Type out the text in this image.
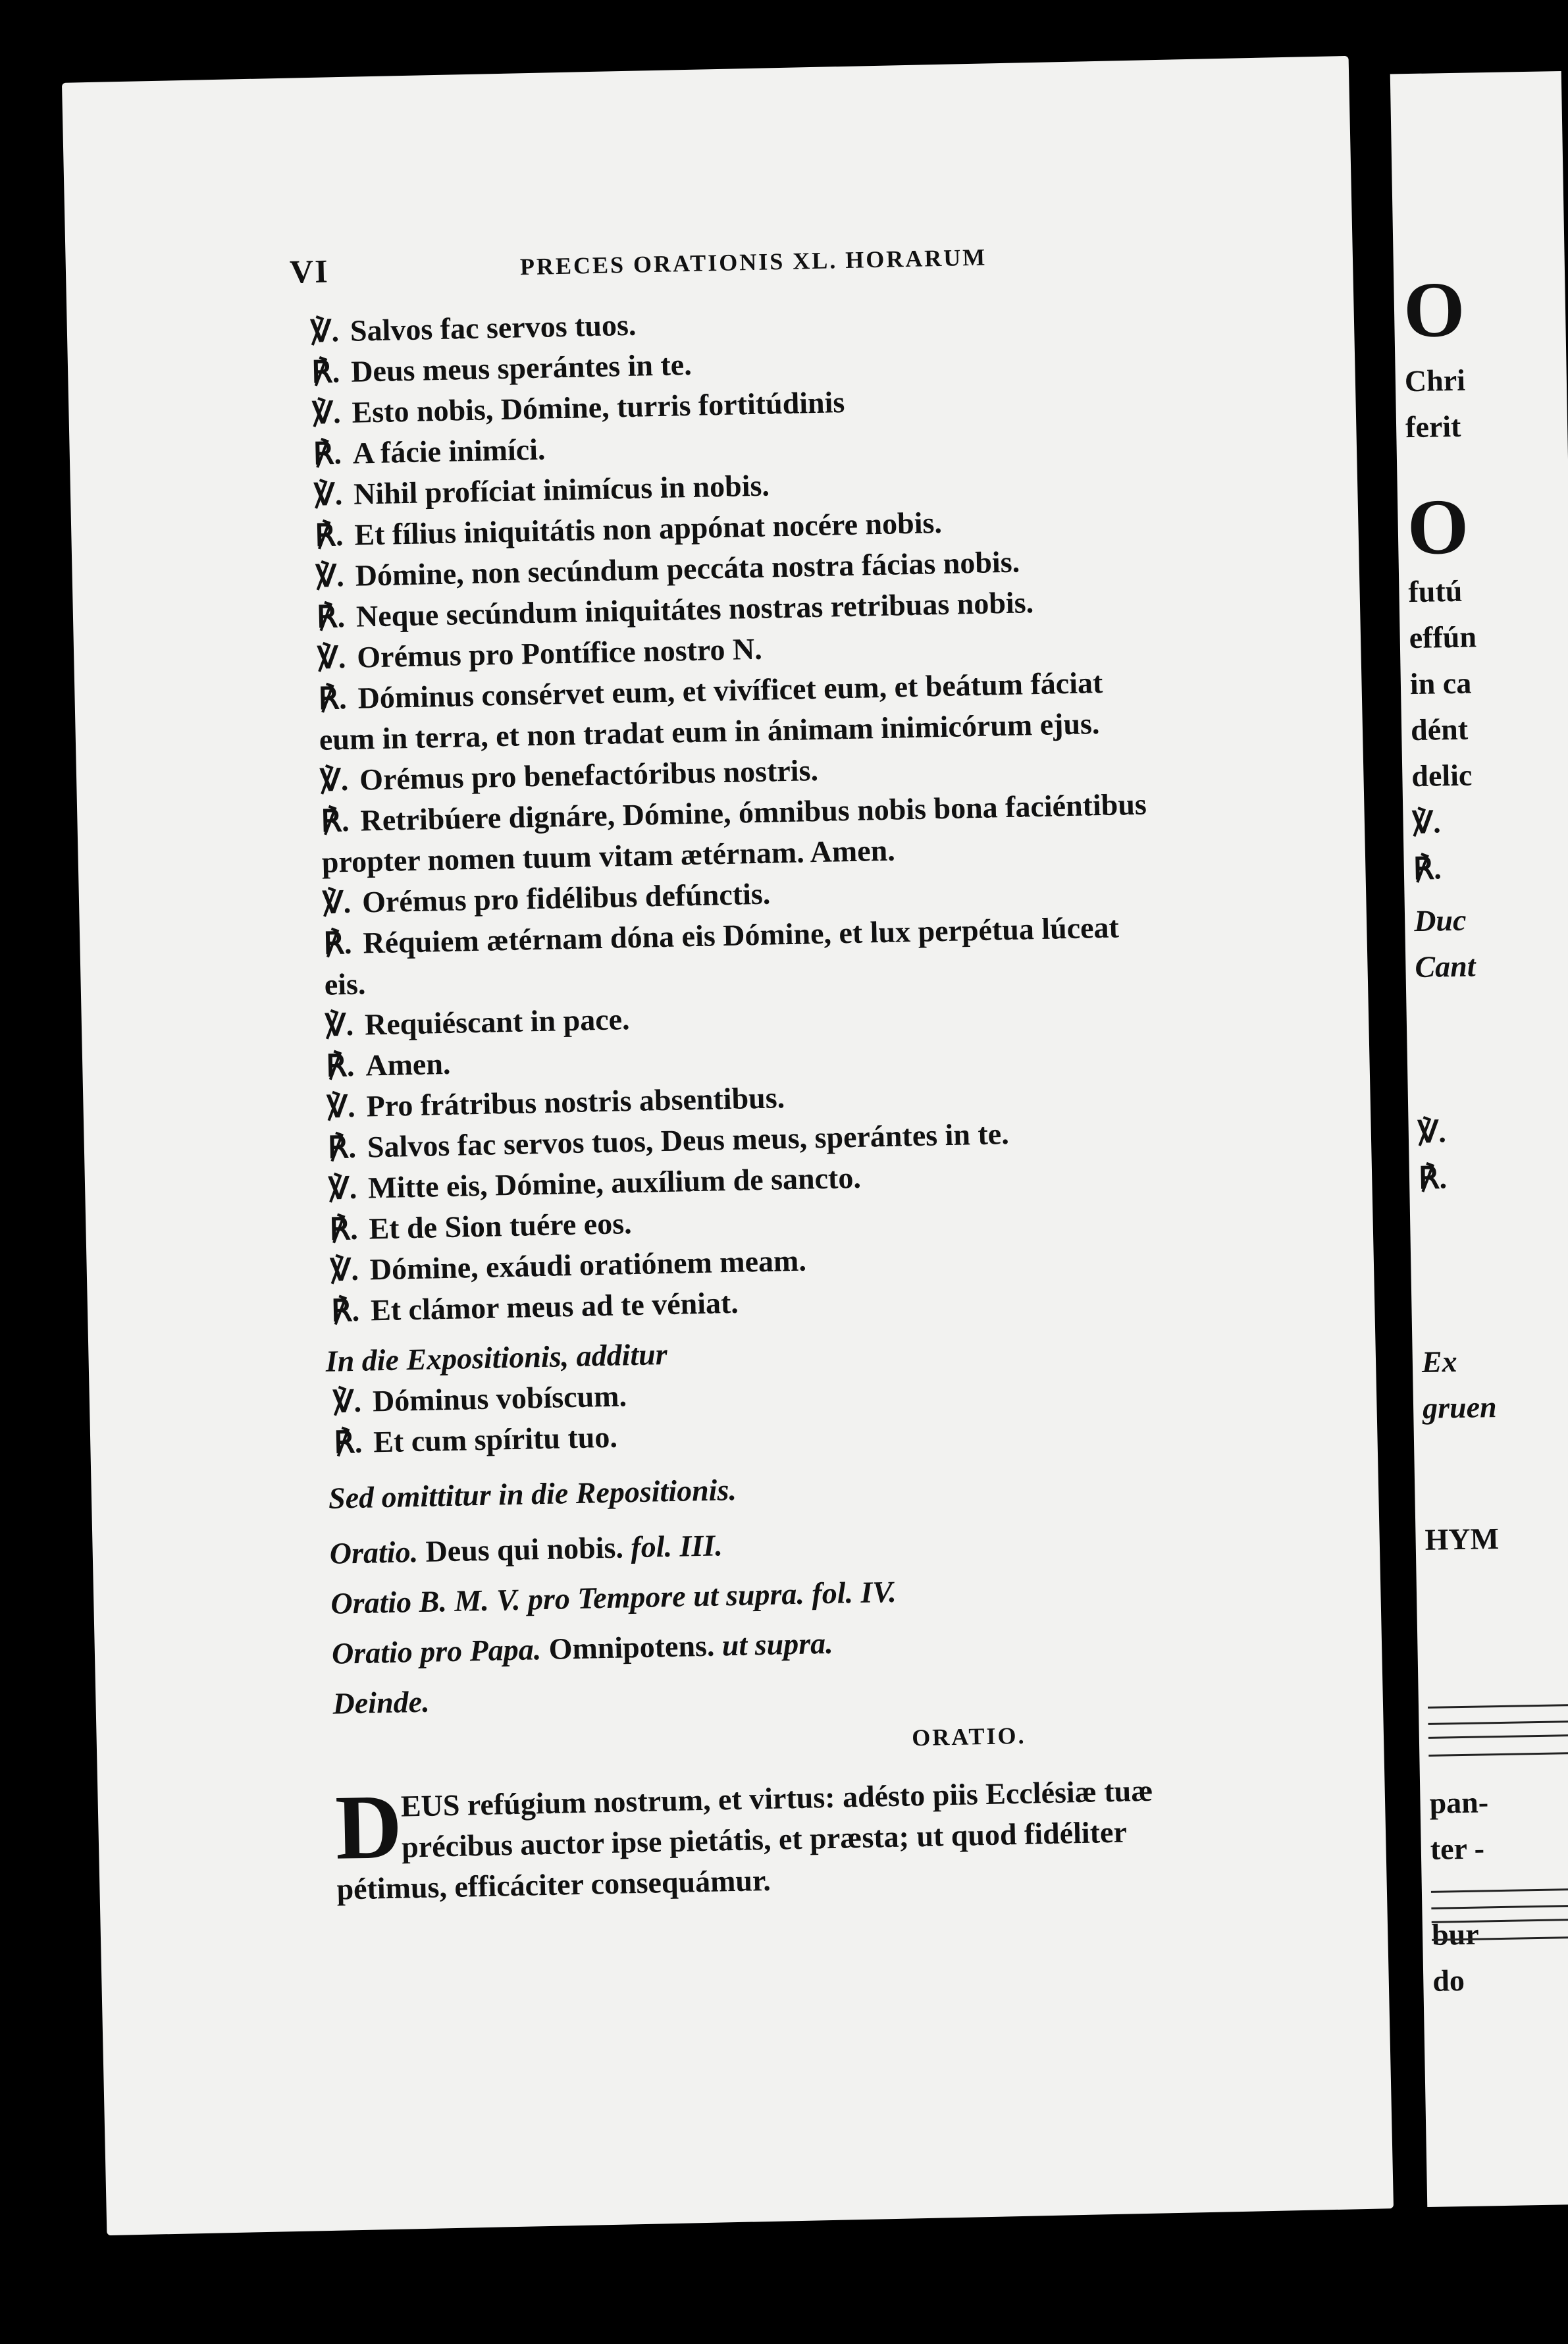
VI	PRECES ORATIONIS XL. HORARUM

℣. Salvos fac servos tuos.

℟. Deus meus sperántes in te.

℣. Esto nobis, Dómine, turris fortitúdinis

℟. A fácie inimíci.

℣. Nihil profíciat inimícus in nobis.

℟. Et fílius iniquitátis non appónat nocére nobis.

℣. Dómine, non secúndum peccáta nostra fácias nobis.

℟. Neque secúndum iniquitátes nostras retribuas nobis.

℣. Orémus pro Pontífice nostro N.

℟. Dóminus consérvet eum, et vivíficet eum, et beátum fáciat
eum in terra, et non tradat eum in ánimam inimicórum ejus.

℣. Orémus pro benefactóribus nostris.

℟. Retribúere dignáre, Dómine, ómnibus nobis bona faciéntibus
propter nomen tuum vitam ætérnam. Amen.

℣. Orémus pro fidélibus defúnctis.

℟. Réquiem ætérnam dóna eis Dómine, et lux perpétua lúceat
eis.

℣. Requiéscant in pace.

℟. Amen.

℣. Pro frátribus nostris absentibus.

℟. Salvos fac servos tuos, Deus meus, sperántes in te.

℣. Mitte eis, Dómine, auxílium de sancto.

℟. Et de Sion tuére eos.

℣. Dómine, exáudi oratiónem meam.

℟. Et clámor meus ad te véniat.

In die Expositionis, additur

℣. Dóminus vobíscum.

℟. Et cum spíritu tuo.

Sed omittitur in die Repositionis.

Oratio. Deus qui nobis. fol. III.

Oratio B. M. V. pro Tempore ut supra. fol. IV.

Oratio pro Papa. Omnipotens. ut supra.

Deinde.

ORATIO.

D
EUS refúgium nostrum, et virtus: adésto piis Ecclésiæ tuæ
précibus auctor ipse pietátis, et præsta; ut quod fidéliter
pétimus, efficáciter consequámur.
O
Chri
ferit
O
futú
effún
in ca
dént
delic
℣.
℟.
Duc
Cant
℣.
℟.
Ex
gruen
HYM
pan-
ter -
bur
do
